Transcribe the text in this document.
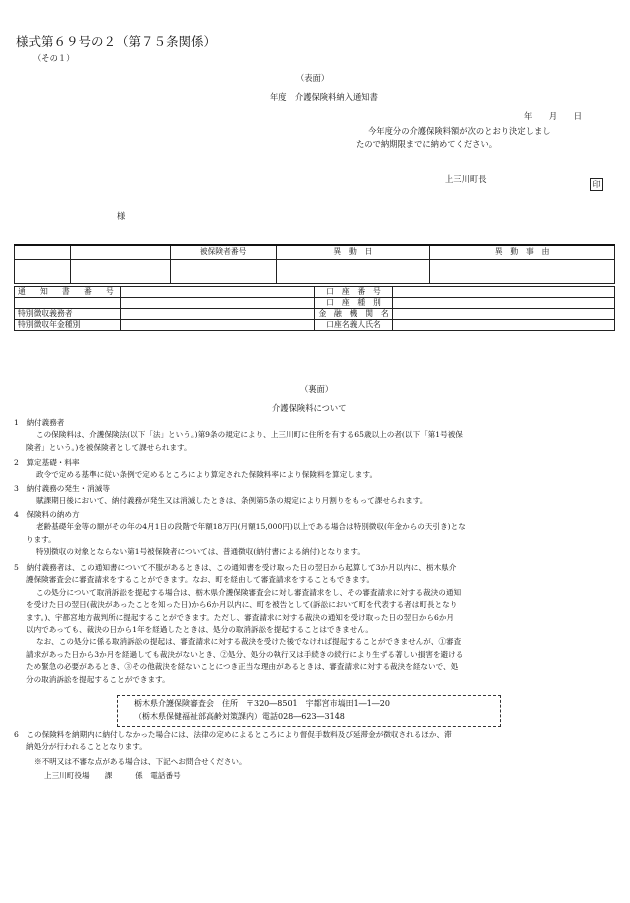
様式第６９号の２（第７５条関係）
（その１）
（表面）
年度　介護保険料納入通知書
年　　月　　日
今年度分の介護保険料額が次のとおり決定しまし
たので納期限までに納めてください。
上三川町長
印
様
		被保険者番号	異　動　日	異　動　事　由

通　知　書　番　号		口　座　番　号	
		口　座　種　別	
特別徴収義務者		金　融　機　関　名	
特別徴収年金種別		口座名義人氏名	
（裏面）
介護保険料について

1　 納付義務者

この保険料は、介護保険法(以下「法」という。)第9条の規定により、上三川町に住所を有する65歳以上の者(以下「第1号被保

険者」という。)を被保険者として課せられます。

2　 算定基礎・料率

政令で定める基準に従い条例で定めるところにより算定された保険料率により保険料を算定します。

3　 納付義務の発生・消滅等

賦課期日後において、納付義務が発生又は消滅したときは、条例第5条の規定により月割りをもって課せられます。

4　 保険料の納め方

老齢基礎年金等の額がその年の4月1日の段階で年額18万円(月額15,000円)以上である場合は特別徴収(年金からの天引き)とな

ります。

特別徴収の対象とならない第1号被保険者については、普通徴収(納付書による納付)となります。

5　 納付義務者は、この通知書について不服があるときは、この通知書を受け取った日の翌日から起算して3か月以内に、栃木県介

護保険審査会に審査請求をすることができます。なお、町を経由して審査請求をすることもできます。

この処分について取消訴訟を提起する場合は、栃木県介護保険審査会に対し審査請求をし、その審査請求に対する裁決の通知

を受けた日の翌日(裁決があったことを知った日)から6か月以内に、町を被告として(訴訟において町を代表する者は町長となり

ます。)、宇都宮地方裁判所に提起することができます。ただし、審査請求に対する裁決の通知を受け取った日の翌日から6か月

以内であっても、裁決の日から1年を経過したときは、処分の取消訴訟を提起することはできません。

なお、この処分に係る取消訴訟の提起は、審査請求に対する裁決を受けた後でなければ提起することができませんが、①審査

請求があった日から3か月を経過しても裁決がないとき、②処分、処分の執行又は手続きの続行により生ずる著しい損害を避ける

ため緊急の必要があるとき、③その他裁決を経ないことにつき正当な理由があるときは、審査請求に対する裁決を経ないで、処

分の取消訴訟を提起することができます。

栃木県介護保険審査会　住所　〒320―8501　宇都宮市塙田1―1―20
（栃木県保健福祉部高齢対策課内）電話028―623―3148

6　 この保険料を納期内に納付しなかった場合には、法律の定めによるところにより督促手数料及び延滞金が徴収されるほか、滞

納処分が行われることとなります。

※不明又は不審な点がある場合は、下記へお問合せください。
上三川町役場　　課　　　係　電話番号
